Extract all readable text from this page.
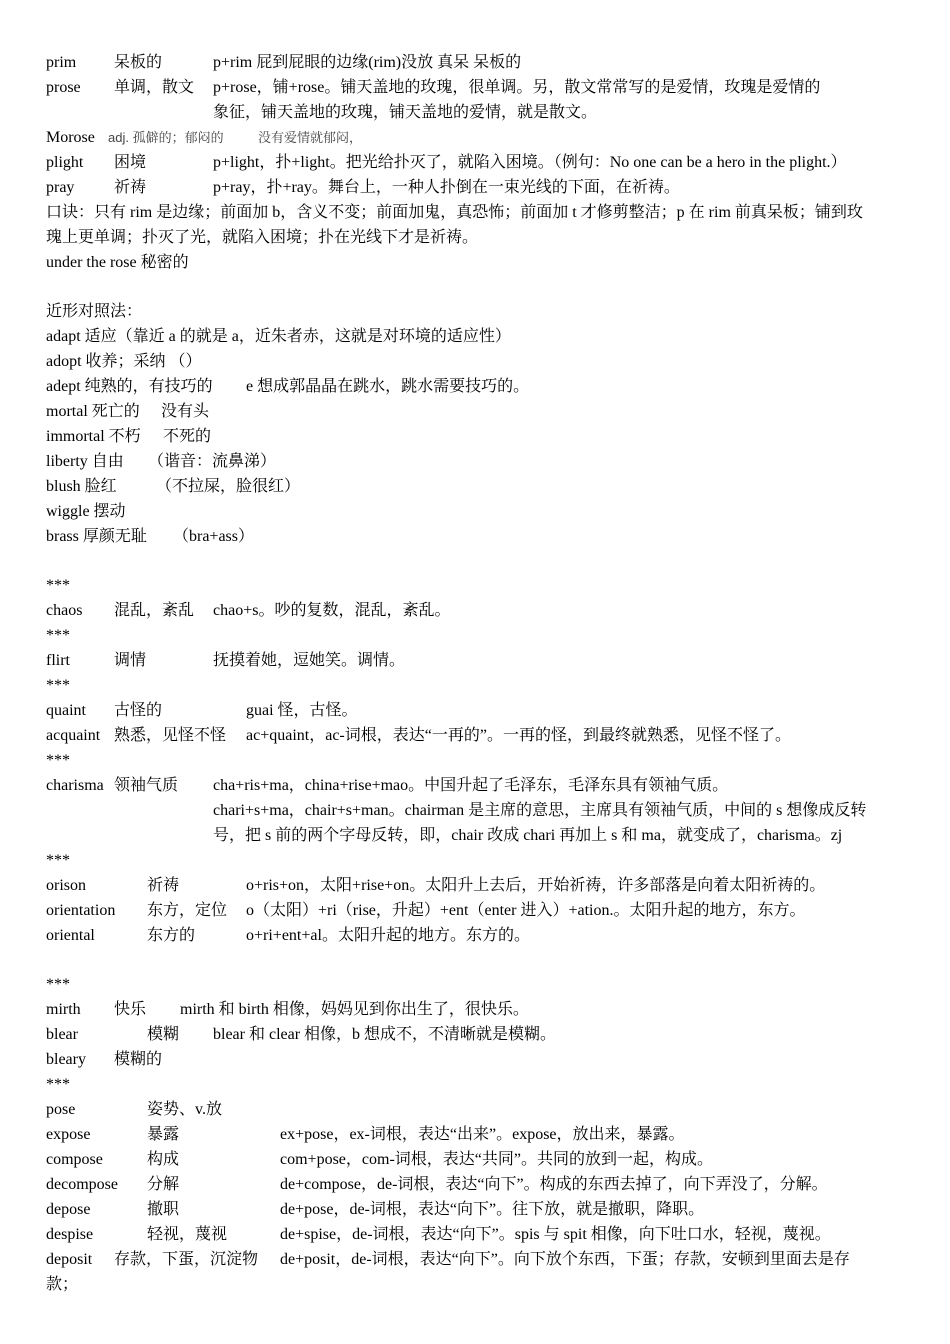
prim 呆板的	p+rim 屁到屁眼的边缘(rim)没放 真呆 呆板的
prose 单调，散文 p+rose，铺+rose。铺天盖地的玫瑰，很单调。另，散文常常写的是爱情，玫瑰是爱情的
象征，铺天盖地的玫瑰，铺天盖地的爱情，就是散文。
Morose adj. 孤僻的；郁闷的	没有爱情就郁闷，
plight 困境	p+light，扑+light。把光给扑灭了，就陷入困境。（例句：No one can be a hero in the plight.）
pray 祈祷	p+ray，扑+ray。舞台上，一种人扑倒在一束光线的下面，在祈祷。
口诀：只有 rim 是边缘；前面加 b，含义不变；前面加鬼，真恐怖；前面加 t 才修剪整洁；p 在 rim 前真呆板；铺到玫
瑰上更单调；扑灭了光，就陷入困境；扑在光线下才是祈祷。
under the rose 秘密的
近形对照法：
adapt 适应（靠近 a 的就是 a，近朱者赤，这就是对环境的适应性）
adopt 收养；采纳 （）
adept 纯熟的，有技巧的 e 想成郭晶晶在跳水，跳水需要技巧的。
mortal 死亡的 没有头
immortal 不朽 不死的
liberty 自由 （谐音：流鼻涕）
blush 脸红 （不拉屎，脸很红）
wiggle 摆动
brass 厚颜无耻 （bra+ass）
***
chaos 混乱，紊乱 chao+s。吵的复数，混乱，紊乱。
***
flirt	调情	抚摸着她，逗她笑。调情。
***
quaint 古怪的	guai 怪，古怪。
acquaint 熟悉，见怪不怪 ac+quaint，ac-词根，表达“一再的”。一再的怪，到最终就熟悉，见怪不怪了。
***
charisma 领袖气质 cha+ris+ma，china+rise+mao。中国升起了毛泽东，毛泽东具有领袖气质。
chari+s+ma，chair+s+man。chairman 是主席的意思，主席具有领袖气质，中间的 s 想像成反转
号，把 s 前的两个字母反转，即，chair 改成 chari 再加上 s 和 ma，就变成了，charisma。zj
***
orison	祈祷	o+ris+on，太阳+rise+on。太阳升上去后，开始祈祷，许多部落是向着太阳祈祷的。
orientation 东方，定位 o（太阳）+ri（rise，升起）+ent（enter 进入）+ation.。太阳升起的地方，东方。
oriental	东方的	o+ri+ent+al。太阳升起的地方。东方的。
***
mirth 快乐 mirth 和 birth 相像，妈妈见到你出生了，很快乐。
blear	模糊 blear 和 clear 相像，b 想成不，不清晰就是模糊。
bleary 模糊的
***
pose	姿势、v.放
expose	暴露	ex+pose，ex-词根，表达“出来”。expose，放出来，暴露。
compose	构成	com+pose，com-词根，表达“共同”。共同的放到一起，构成。
decompose 分解	de+compose，de-词根，表达“向下”。构成的东西去掉了，向下弄没了，分解。
depose	撤职	de+pose，de-词根，表达“向下”。往下放，就是撤职，降职。
despise	轻视，蔑视	de+spise，de-词根，表达“向下”。spis 与 spit 相像，向下吐口水，轻视，蔑视。
deposit 存款，下蛋，沉淀物 de+posit，de-词根，表达“向下”。向下放个东西，下蛋；存款，安顿到里面去是存
款；
